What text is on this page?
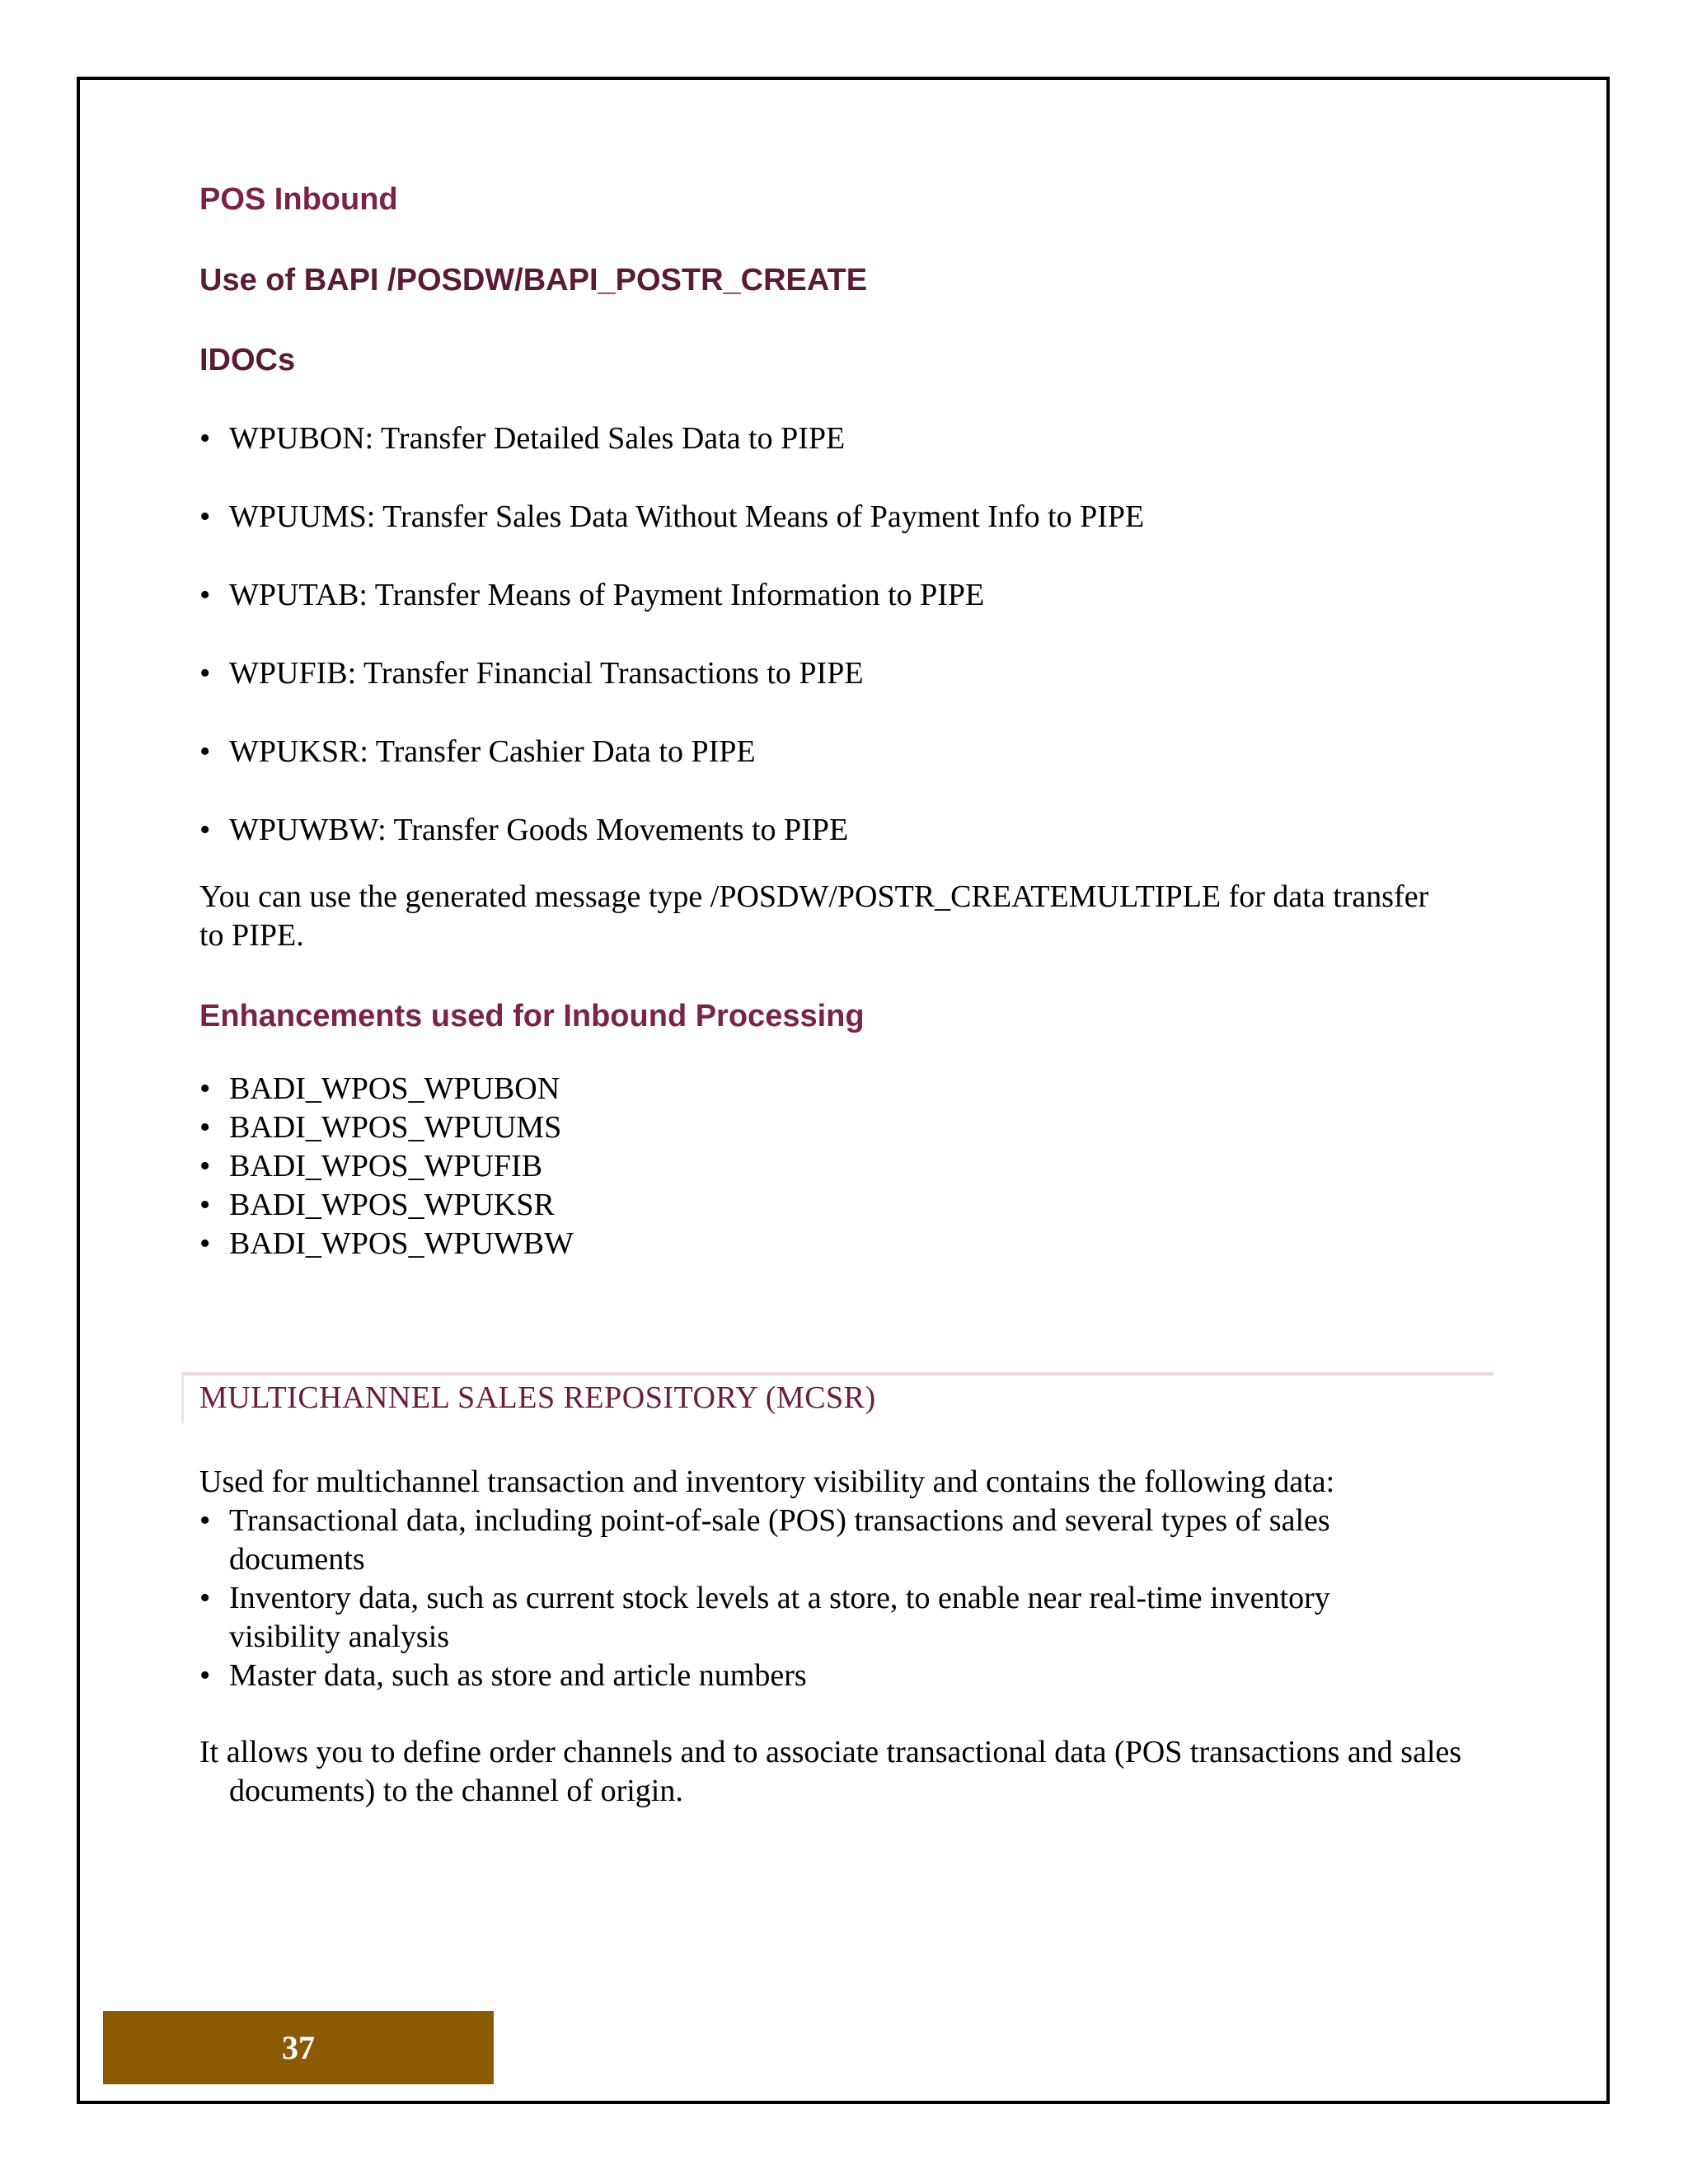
POS Inbound
Use of BAPI /POSDW/BAPI_POSTR_CREATE
IDOCs
• WPUBON: Transfer Detailed Sales Data to PIPE
• WPUUMS: Transfer Sales Data Without Means of Payment Info to PIPE
• WPUTAB: Transfer Means of Payment Information to PIPE
• WPUFIB: Transfer Financial Transactions to PIPE
• WPUKSR: Transfer Cashier Data to PIPE
• WPUWBW: Transfer Goods Movements to PIPE

You can use the generated message type /POSDW/POSTR_CREATEMULTIPLE for data transfer to PIPE.

Enhancements used for Inbound Processing
• BADI_WPOS_WPUBON
• BADI_WPOS_WPUUMS
• BADI_WPOS_WPUFIB
• BADI_WPOS_WPUKSR
• BADI_WPOS_WPUWBW
MULTICHANNEL SALES REPOSITORY (MCSR)

Used for multichannel transaction and inventory visibility and contains the following data:

• Transactional data, including point-of-sale (POS) transactions and several types of sales documents
• Inventory data, such as current stock levels at a store, to enable near real-time inventory visibility analysis
• Master data, such as store and article numbers

It allows you to define order channels and to associate transactional data (POS transactions and sales documents) to the channel of origin.

37
